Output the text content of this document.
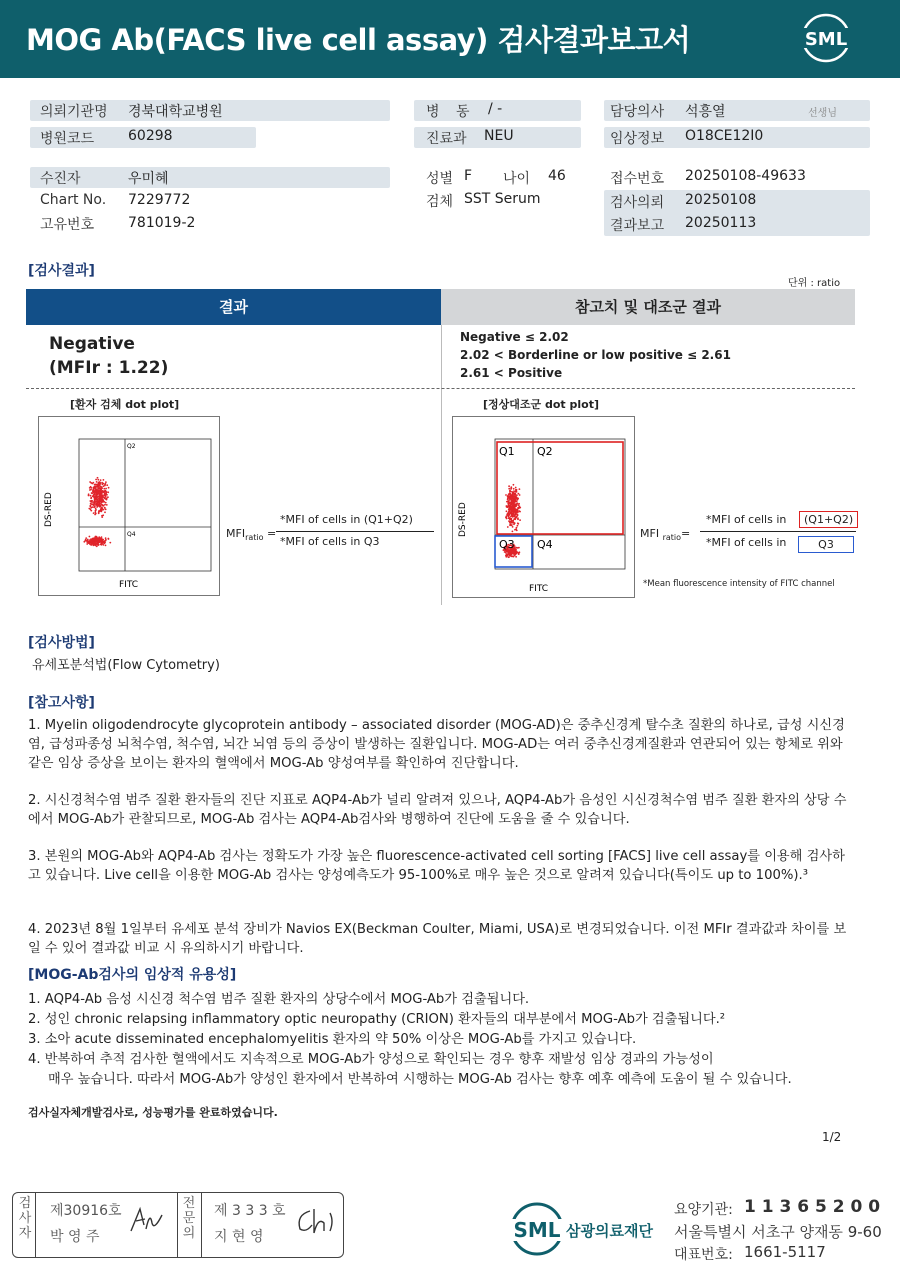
MOG Ab(FACS live cell assay) 검사결과보고서	SML
의뢰기관명 경북대학교병원
병원코드 60298
병 동 / -
진료과 NEU
담당의사 석흥열	선생님
임상정보 O18CE12I0
수진자	우미혜
Chart No. 7229772
고유번호 781019-2
성별 F 나이 46
검체 SST Serum
접수번호 20250108-49633
검사의뢰 20250108
결과보고 20250113
[검사결과]
단위 : ratio
결과	참고치 및 대조군 결과
Negative
(MFIr : 1.22)
Negative ≤ 2.02
2.02 < Borderline or low positive ≤ 2.61
2.61 < Positive
[환자 검체 dot plot]	[정상대조군 dot plot]
Q2
Q4
DS-RED
FITC
$MFI_{ratio}$ =
*MFI of cells in (Q1+Q2)
*MFI of cells in Q3
Q1 Q2
Q3 Q4
DS-RED
FITC
MFI $_{ratio}$=
*MFI of cells in	(Q1+Q2)
*MFI of cells in	Q3
*Mean fluorescence intensity of FITC channel
[검사방법]
유세포분석법(Flow Cytometry)
[참고사항]
1. Myelin oligodendrocyte glycoprotein antibody – associated disorder (MOG-AD)은 중추신경계 탈수초 질환의 하나로, 급성 시신경염, 급성파종성 뇌척수염, 척수염, 뇌간 뇌염 등의 증상이 발생하는 질환입니다. MOG-AD는 여러 중추신경계질환과 연관되어 있는 항체로 위와 같은 임상 증상을 보이는 환자의 혈액에서 MOG-Ab 양성여부를 확인하여 진단합니다.
2. 시신경척수염 범주 질환 환자들의 진단 지표로 AQP4-Ab가 널리 알려져 있으나, AQP4-Ab가 음성인 시신경척수염 범주 질환 환자의 상당 수에서 MOG-Ab가 관찰되므로, MOG-Ab 검사는 AQP4-Ab검사와 병행하여 진단에 도움을 줄 수 있습니다.
3. 본원의 MOG-Ab와 AQP4-Ab 검사는 정확도가 가장 높은 fluorescence-activated cell sorting [FACS] live cell assay를 이용해 검사하 고 있습니다. Live cell을 이용한 MOG-Ab 검사는 양성예측도가 95-100%로 매우 높은 것으로 알려져 있습니다(특이도 up to 100%).³
4. 2023년 8월 1일부터 유세포 분석 장비가 Navios EX(Beckman Coulter, Miami, USA)로 변경되었습니다. 이전 MFIr 결과값과 차이를 보일 수 있어 결과값 비교 시 유의하시기 바랍니다.
[MOG-Ab검사의 임상적 유용성]
1. AQP4-Ab 음성 시신경 척수염 범주 질환 환자의 상당수에서 MOG-Ab가 검출됩니다.
2. 성인 chronic relapsing inflammatory optic neuropathy (CRION) 환자들의 대부분에서 MOG-Ab가 검출됩니다.²
3. 소아 acute disseminated encephalomyelitis 환자의 약 50% 이상은 MOG-Ab를 가지고 있습니다.
4. 반복하여 추적 검사한 혈액에서도 지속적으로 MOG-Ab가 양성으로 확인되는 경우 향후 재발성 임상 경과의 가능성이
매우 높습니다. 따라서 MOG-Ab가 양성인 환자에서 반복하여 시행하는 MOG-Ab 검사는 향후 예후 예측에 도움이 될 수 있습니다.
검사실자체개발검사로, 성능평가를 완료하였습니다.
1/2
검사자
제30916호
박 영 주
전문의
제 3 3 3 호
지 현 영	SML 삼광의료재단
요양기관: 1 1 3 6 5 2 0 0
서울특별시 서초구 양재동 9-60
대표번호: 1661-5117
